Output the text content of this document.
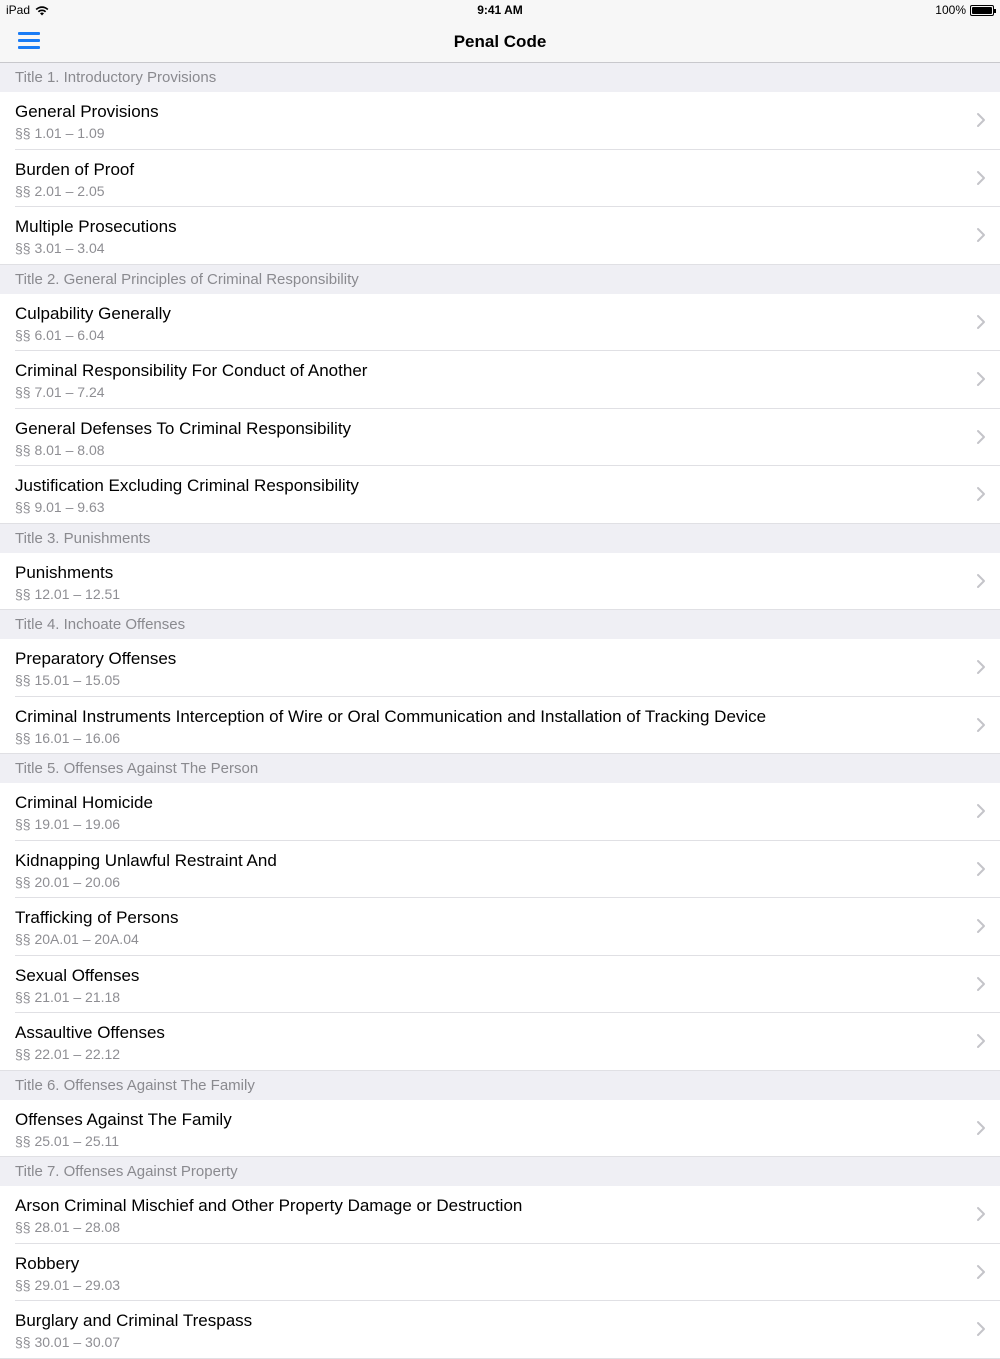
iPad	9:41 AM	100%
Penal Code
Title 1. Introductory Provisions
General Provisions
§§ 1.01 – 1.09
Burden of Proof
§§ 2.01 – 2.05
Multiple Prosecutions
§§ 3.01 – 3.04
Title 2. General Principles of Criminal Responsibility
Culpability Generally
§§ 6.01 – 6.04
Criminal Responsibility For Conduct of Another
§§ 7.01 – 7.24
General Defenses To Criminal Responsibility
§§ 8.01 – 8.08
Justification Excluding Criminal Responsibility
§§ 9.01 – 9.63
Title 3. Punishments
Punishments
§§ 12.01 – 12.51
Title 4. Inchoate Offenses
Preparatory Offenses
§§ 15.01 – 15.05
Criminal Instruments Interception of Wire or Oral Communication and Installation of Tracking Device
§§ 16.01 – 16.06
Title 5. Offenses Against The Person
Criminal Homicide
§§ 19.01 – 19.06
Kidnapping Unlawful Restraint And
§§ 20.01 – 20.06
Trafficking of Persons
§§ 20A.01 – 20A.04
Sexual Offenses
§§ 21.01 – 21.18
Assaultive Offenses
§§ 22.01 – 22.12
Title 6. Offenses Against The Family
Offenses Against The Family
§§ 25.01 – 25.11
Title 7. Offenses Against Property
Arson Criminal Mischief and Other Property Damage or Destruction
§§ 28.01 – 28.08
Robbery
§§ 29.01 – 29.03
Burglary and Criminal Trespass
§§ 30.01 – 30.07
